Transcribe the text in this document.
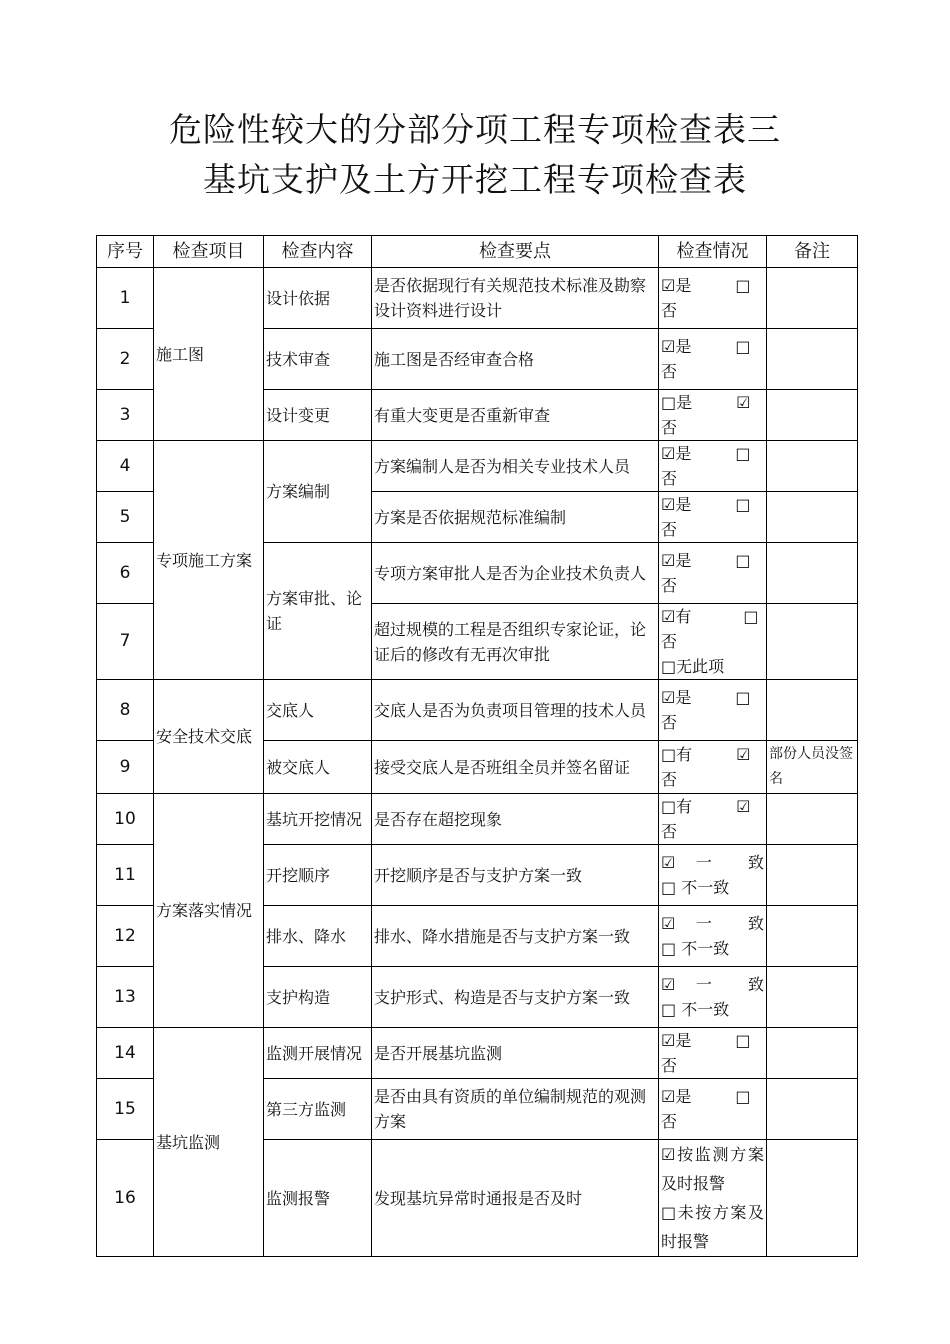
危险性较大的分部分项工程专项检查表三
基坑支护及土方开挖工程专项检查表
序号	检查项目	检查内容	检查要点	检查情况	备注
1	施工图	设计依据	是否依据现行有关规范技术标准及勘察设计资料进行设计	☑是 □否	
2		技术审查	施工图是否经审查合格	☑是 □否	
3		设计变更	有重大变更是否重新审查	□是 ☑否	
4	专项施工方案	方案编制	方案编制人是否为相关专业技术人员	☑是 □否	
5			方案是否依据规范标准编制	☑是 □否	
6		方案审批、论证	专项方案审批人是否为企业技术负责人	☑是 □否	
7			超过规模的工程是否组织专家论证，论证后的修改有无再次审批	☑有 □否
□无此项	

8	安全技术交底	交底人	交底人是否为负责项目管理的技术人员	☑是 □否	
9		被交底人	接受交底人是否班组全员并签名留证	□有 ☑否	部份人员没签名
10	方案落实情况	基坑开挖情况	是否存在超挖现象	□有 ☑否	
11		开挖顺序	开挖顺序是否与支护方案一致	☑ 一 致
□ 不一致	

12		排水、降水	排水、降水措施是否与支护方案一致	☑ 一 致
□ 不一致	

13		支护构造	支护形式、构造是否与支护方案一致	☑ 一 致
□ 不一致	

14	基坑监测	监测开展情况	是否开展基坑监测	☑是 □否	
15		第三方监测	是否由具有资质的单位编制规范的观测方案	☑是 □否	
16		监测报警	发现基坑异常时通报是否及时	☑按监测方案及时报警
□未按方案及时报警	
